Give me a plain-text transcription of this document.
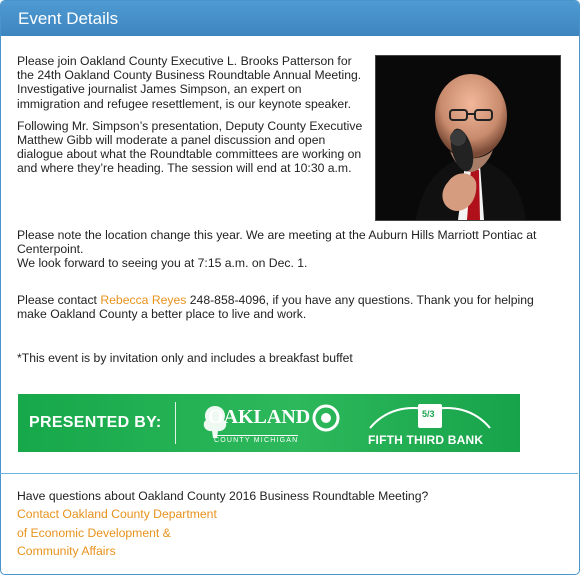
Event Details

Please join Oakland County Executive L. Brooks Patterson for the 24th Oakland County Business Roundtable Annual Meeting. Investigative journalist James Simpson, an expert on immigration and refugee resettlement, is our keynote speaker.

Following Mr. Simpson’s presentation, Deputy County Executive Matthew Gibb will moderate a panel discussion and open dialogue about what the Roundtable committees are working on and where they’re heading. The session will end at 10:30 a.m.

Please note the location change this year. We are meeting at the Auburn Hills Marriott Pontiac at Centerpoint.
We look forward to seeing you at 7:15 a.m. on Dec. 1.
Please contact Rebecca Reyes 248-858-4096, if you have any questions. Thank you for helping make Oakland County a better place to live and work.
*This event is by invitation only and includes a breakfast buffet
PRESENTED BY: OAKLAND
COUNTY MICHIGAN
5/3
FIFTH THIRD BANK
Have questions about Oakland County 2016 Business Roundtable Meeting?
Contact Oakland County Department
of Economic Development &
Community Affairs
